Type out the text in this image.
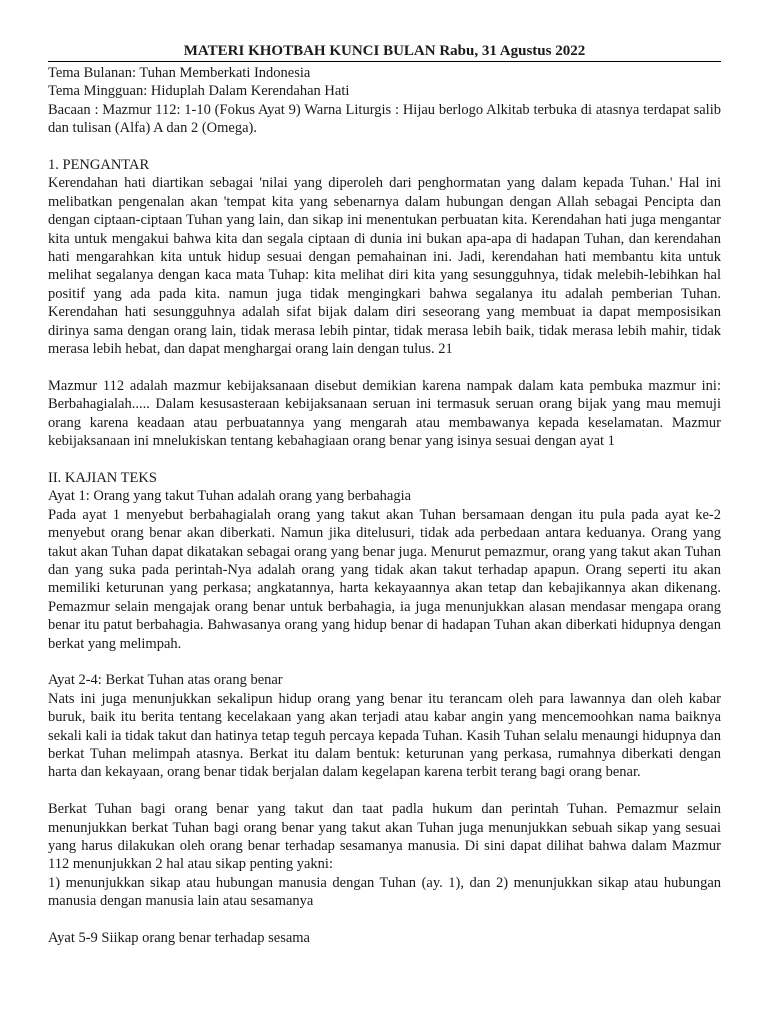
MATERI KHOTBAH KUNCI BULAN Rabu, 31 Agustus 2022

Tema Bulanan: Tuhan Memberkati Indonesia

Tema Mingguan: Hiduplah Dalam Kerendahan Hati

Bacaan : Mazmur 112: 1-10 (Fokus Ayat 9) Warna Liturgis : Hijau berlogo Alkitab terbuka di atasnya terdapat salib dan tulisan (Alfa) A dan 2 (Omega).

1. PENGANTAR

Kerendahan hati diartikan sebagai 'nilai yang diperoleh dari penghormatan yang dalam kepada Tuhan.' Hal ini melibatkan pengenalan akan 'tempat kita yang sebenarnya dalam hubungan dengan Allah sebagai Pencipta dan dengan ciptaan-ciptaan Tuhan yang lain, dan sikap ini menentukan perbuatan kita. Kerendahan hati juga mengantar kita untuk mengakui bahwa kita dan segala ciptaan di dunia ini bukan apa-apa di hadapan Tuhan, dan kerendahan hati mengarahkan kita untuk hidup sesuai dengan pemahainan ini. Jadi, kerendahan hati membantu kita untuk melihat segalanya dengan kaca mata Tuhap: kita melihat diri kita yang sesungguhnya, tidak melebih-lebihkan hal positif yang ada pada kita. namun juga tidak mengingkari bahwa segalanya itu adalah pemberian Tuhan. Kerendahan hati sesungguhnya adalah sifat bijak dalam diri seseorang yang membuat ia dapat memposisikan dirinya sama dengan orang lain, tidak merasa lebih pintar, tidak merasa lebih baik, tidak merasa lebih mahir, tidak merasa lebih hebat, dan dapat menghargai orang lain dengan tulus. 21

Mazmur 112 adalah mazmur kebijaksanaan disebut demikian karena nampak dalam kata pembuka mazmur ini: Berbahagialah..... Dalam kesusasteraan kebijaksanaan seruan ini termasuk seruan orang bijak yang mau memuji orang karena keadaan atau perbuatannya yang mengarah atau membawanya kepada keselamatan. Mazmur kebijaksanaan ini mnelukiskan tentang kebahagiaan orang benar yang isinya sesuai dengan ayat 1

II. KAJIAN TEKS

Ayat 1: Orang yang takut Tuhan adalah orang yang berbahagia

Pada ayat 1 menyebut berbahagialah orang yang takut akan Tuhan bersamaan dengan itu pula pada ayat ke-2 menyebut orang benar akan diberkati. Namun jika ditelusuri, tidak ada perbedaan antara keduanya. Orang yang takut akan Tuhan dapat dikatakan sebagai orang yang benar juga. Menurut pemazmur, orang yang takut akan Tuhan dan yang suka pada perintah-Nya adalah orang yang tidak akan takut terhadap apapun. Orang seperti itu akan memiliki keturunan yang perkasa; angkatannya, harta kekayaannya akan tetap dan kebajikannya akan dikenang. Pemazmur selain mengajak orang benar untuk berbahagia, ia juga menunjukkan alasan mendasar mengapa orang benar itu patut berbahagia. Bahwasanya orang yang hidup benar di hadapan Tuhan akan diberkati hidupnya dengan berkat yang melimpah.

Ayat 2-4: Berkat Tuhan atas orang benar

Nats ini juga menunjukkan sekalipun hidup orang yang benar itu terancam oleh para lawannya dan oleh kabar buruk, baik itu berita tentang kecelakaan yang akan terjadi atau kabar angin yang mencemoohkan nama baiknya sekali kali ia tidak takut dan hatinya tetap teguh percaya kepada Tuhan. Kasih Tuhan selalu menaungi hidupnya dan berkat Tuhan melimpah atasnya. Berkat itu dalam bentuk: keturunan yang perkasa, rumahnya diberkati dengan harta dan kekayaan, orang benar tidak berjalan dalam kegelapan karena terbit terang bagi orang benar.

Berkat Tuhan bagi orang benar yang takut dan taat padla hukum dan perintah Tuhan. Pemazmur selain menunjukkan berkat Tuhan bagi orang benar yang takut akan Tuhan juga menunjukkan sebuah sikap yang sesuai yang harus dilakukan oleh orang benar terhadap sesamanya manusia. Di sini dapat dilihat bahwa dalam Mazmur 112 menunjukkan 2 hal atau sikap penting yakni:

1) menunjukkan sikap atau hubungan manusia dengan Tuhan (ay. 1), dan 2) menunjukkan sikap atau hubungan manusia dengan manusia lain atau sesamanya

Ayat 5-9 Siikap orang benar terhadap sesama
